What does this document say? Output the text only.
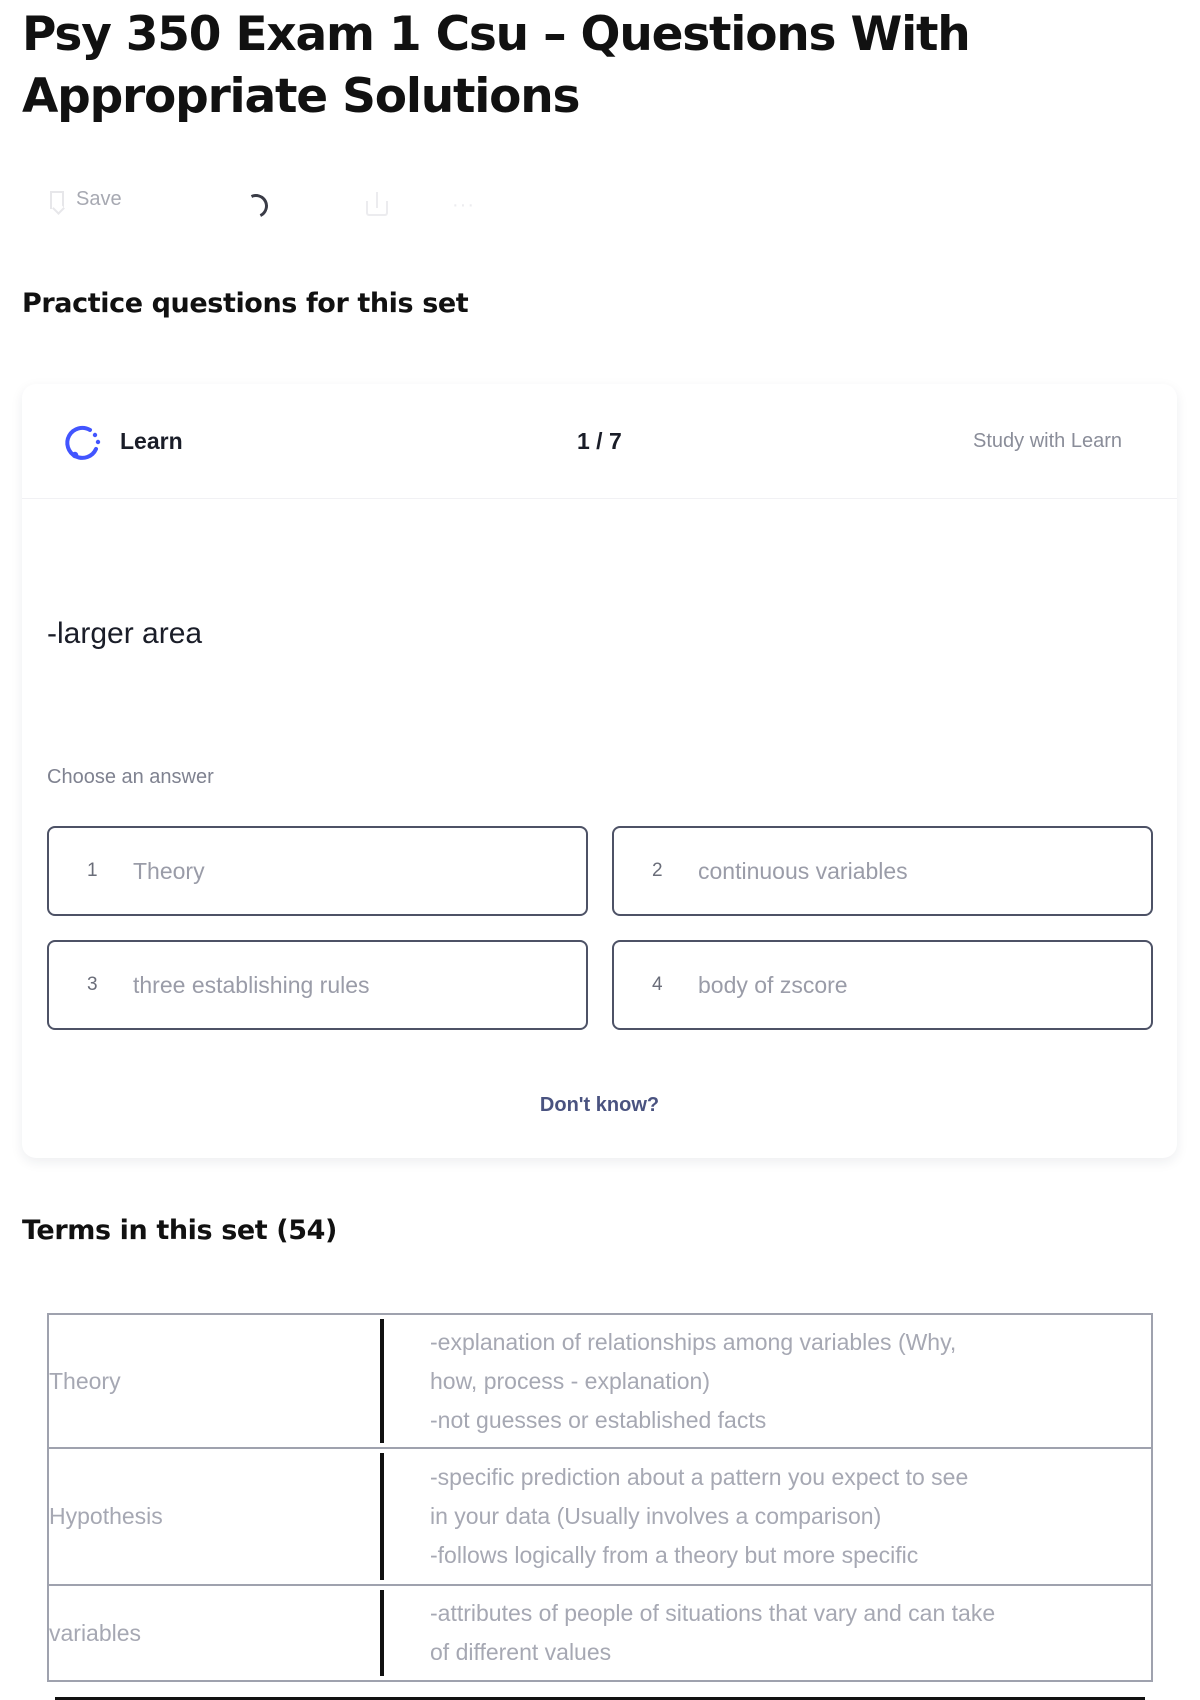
Psy 350 Exam 1 Csu – Questions With Appropriate Solutions
Save	···
Practice questions for this set
Learn	1 / 7	Study with Learn
-larger area
Choose an answer
1	Theory	2	continuous variables
3	three establishing rules	4	body of zscore
Don't know?
Terms in this set (54)
Theory	-explanation of relationships among variables (Why,
how, process - explanation)
-not guesses or established facts

Hypothesis	-specific prediction about a pattern you expect to see
in your data (Usually involves a comparison)
-follows logically from a theory but more specific

variables	-attributes of people of situations that vary and can take
of different values
